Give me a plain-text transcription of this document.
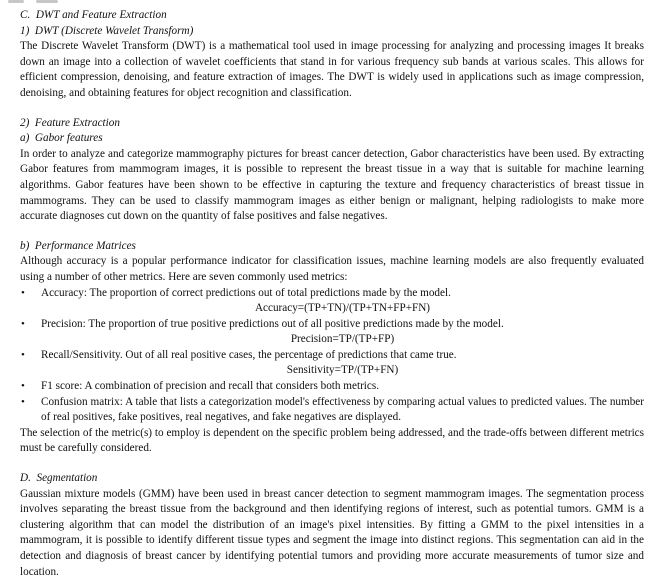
C.  DWT and Feature Extraction
1)  DWT (Discrete Wavelet Transform)
The Discrete Wavelet Transform (DWT) is a mathematical tool used in image processing for analyzing and processing images It breaks down an image into a collection of wavelet coefficients that stand in for various frequency sub bands at various scales. This allows for efficient compression, denoising, and feature extraction of images. The DWT is widely used in applications such as image compression, denoising, and obtaining features for object recognition and classification.
2)  Feature Extraction
a)  Gabor features
In order to analyze and categorize mammography pictures for breast cancer detection, Gabor characteristics have been used. By extracting Gabor features from mammogram images, it is possible to represent the breast tissue in a way that is suitable for machine learning algorithms. Gabor features have been shown to be effective in capturing the texture and frequency characteristics of breast tissue in mammograms. They can be used to classify mammogram images as either benign or malignant, helping radiologists to make more accurate diagnoses cut down on the quantity of false positives and false negatives.
b)  Performance Matrices
Although accuracy is a popular performance indicator for classification issues, machine learning models are also frequently evaluated using a number of other metrics. Here are seven commonly used metrics:
• Accuracy: The proportion of correct predictions out of total predictions made by the model.
Accuracy=(TP+TN)/(TP+TN+FP+FN)
• Precision: The proportion of true positive predictions out of all positive predictions made by the model.
Precision=TP/(TP+FP)
• Recall/Sensitivity. Out of all real positive cases, the percentage of predictions that came true.
Sensitivity=TP/(TP+FN)
• F1 score: A combination of precision and recall that considers both metrics.
• Confusion matrix: A table that lists a categorization model's effectiveness by comparing actual values to predicted values. The number of real positives, fake positives, real negatives, and fake negatives are displayed.
The selection of the metric(s) to employ is dependent on the specific problem being addressed, and the trade-offs between different metrics must be carefully considered.
D.  Segmentation
Gaussian mixture models (GMM) have been used in breast cancer detection to segment mammogram images. The segmentation process involves separating the breast tissue from the background and then identifying regions of interest, such as potential tumors. GMM is a clustering algorithm that can model the distribution of an image's pixel intensities. By fitting a GMM to the pixel intensities in a mammogram, it is possible to identify different tissue types and segment the image into distinct regions. This segmentation can aid in the detection and diagnosis of breast cancer by identifying potential tumors and providing more accurate measurements of tumor size and location.
